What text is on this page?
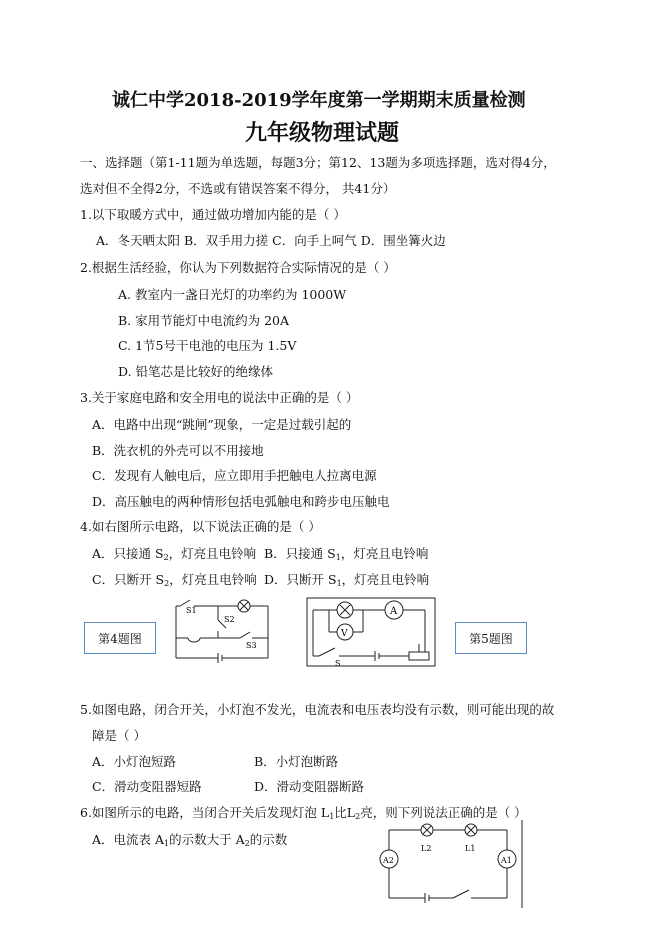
诚仁中学2018-2019学年度第一学期期末质量检测
九年级物理试题
一、选择题（第1-11题为单选题，每题3分；第12、13题为多项选择题，选对得4分，
选对但不全得2分，不选或有错误答案不得分， 共41分）
1.以下取暖方式中，通过做功增加内能的是（ ）
A．冬天晒太阳 B．双手用力搓 C．向手上呵气 D．围坐篝火边
2.根据生活经验，你认为下列数据符合实际情况的是（ ）
A. 教室内一盏日光灯的功率约为 1000W
B. 家用节能灯中电流约为 20A
C. 1节5号干电池的电压为 1.5V
D. 铅笔芯是比较好的绝缘体
3.关于家庭电路和安全用电的说法中正确的是（ ）
A．电路中出现“跳闸”现象，一定是过载引起的
B．洗衣机的外壳可以不用接地
C．发现有人触电后，应立即用手把触电人拉离电源
D．高压触电的两种情形包括电弧触电和跨步电压触电
4.如右图所示电路，以下说法正确的是（ ）
A．只接通 $S_2$，灯亮且电铃响 B．只接通 $S_1$，灯亮且电铃响
C．只断开 $S_2$，灯亮且电铃响 D．只断开 $S_1$，灯亮且电铃响
第4题图
S1
S2
S3
A
V
S
第5题图
5.如图电路，闭合开关，小灯泡不发光，电流表和电压表均没有示数，则可能出现的故
障是（ ）
A．小灯泡短路	B．小灯泡断路
C．滑动变阻器短路	D．滑动变阻器断路
6.如图所示的电路，当闭合开关后发现灯泡 $L_1$比$L_2$亮，则下列说法正确的是（ ）
A．电流表 $A_1$的示数大于 $A_2$的示数
A2	A1
L2	L1
